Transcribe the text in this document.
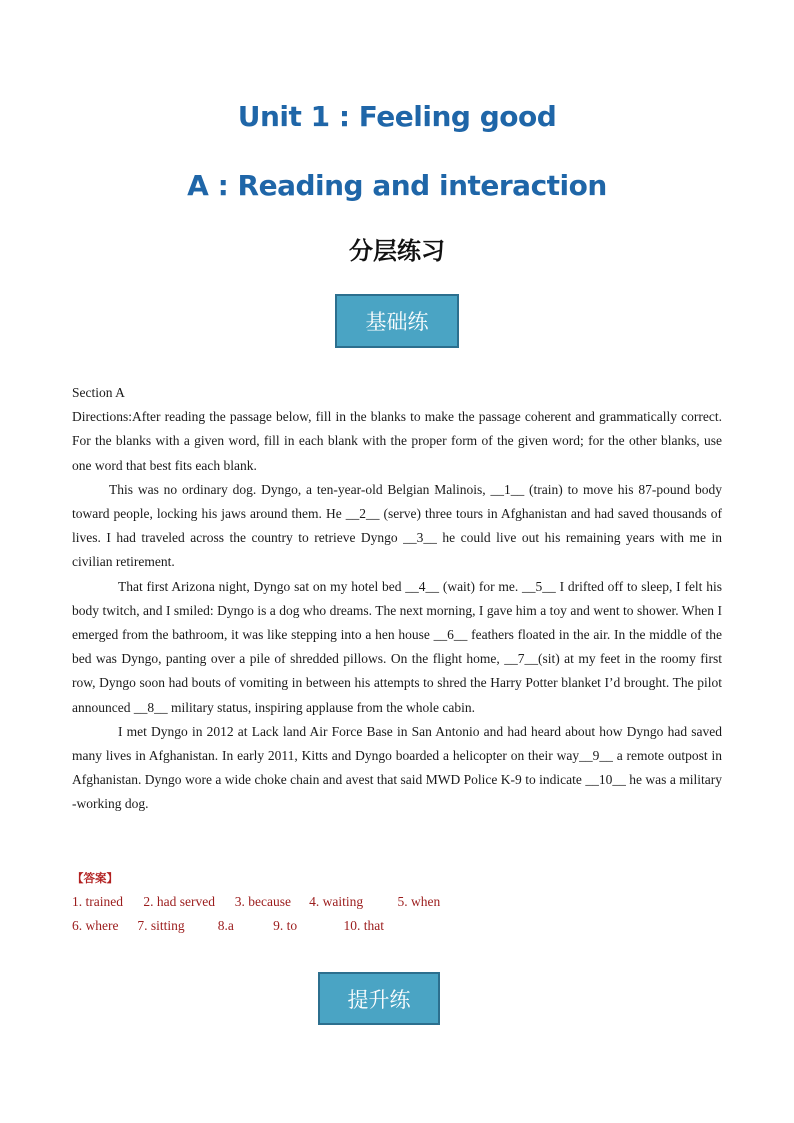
Unit 1 : Feeling good
A : Reading and interaction
分层练习
基础练

Section A

Directions:After reading the passage below, fill in the blanks to make the passage coherent and grammatically correct. For the blanks with a given word, fill in each blank with the proper form of the given word; for the other blanks, use one word that best fits each blank.

This was no ordinary dog. Dyngo, a ten-year-old Belgian Malinois, __1__ (train) to move his 87-pound body toward people, locking his jaws around them. He __2__ (serve) three tours in Afghanistan and had saved thousands of lives. I had traveled across the country to retrieve Dyngo __3__ he could live out his remaining years with me in civilian retirement.

That first Arizona night, Dyngo sat on my hotel bed __4__ (wait) for me. __5__ I drifted off to sleep, I felt his body twitch, and I smiled: Dyngo is a dog who dreams. The next morning, I gave him a toy and went to shower. When I emerged from the bathroom, it was like stepping into a hen house __6__ feathers floated in the air. In the middle of the bed was Dyngo, panting over a pile of shredded pillows. On the flight home, __7__(sit) at my feet in the roomy first row, Dyngo soon had bouts of vomiting in between his attempts to shred the Harry Potter blanket I’d brought. The pilot announced __8__ military status, inspiring applause from the whole cabin.

I met Dyngo in 2012 at Lack land Air Force Base in San Antonio and had heard about how Dyngo had saved many lives in Afghanistan. In early 2011, Kitts and Dyngo boarded a helicopter on their way__9__ a remote outpost in Afghanistan. Dyngo wore a wide choke chain and avest that said MWD Police K-9 to indicate __10__ he was a military -working dog.

【答案】
1. trained 2. had served 3. because 4. waiting	5. when
6. where 7. sitting 8.a	9. to	10. that
提升练
